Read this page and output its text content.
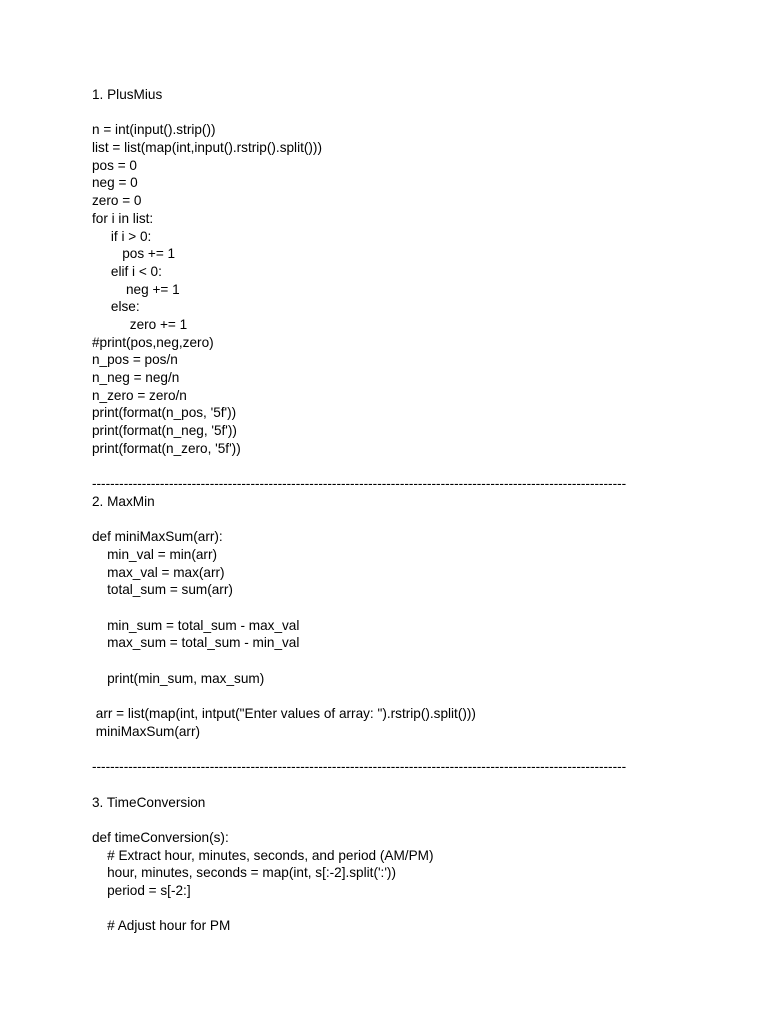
1. PlusMius
n = int(input().strip())
list = list(map(int,input().rstrip().split()))
pos = 0
neg = 0
zero = 0
for i in list:
if i > 0:
pos += 1
elif i < 0:
neg += 1
else:
zero += 1
#print(pos,neg,zero)
n_pos = pos/n
n_neg = neg/n
n_zero = zero/n
print(format(n_pos, '5f'))
print(format(n_neg, '5f'))
print(format(n_zero, '5f'))
----------------------------------------------------------------------------------------------------------------------
2. MaxMin
def miniMaxSum(arr):
min_val = min(arr)
max_val = max(arr)
total_sum = sum(arr)
min_sum = total_sum - max_val
max_sum = total_sum - min_val
print(min_sum, max_sum)
arr = list(map(int, intput("Enter values of array: ").rstrip().split()))
miniMaxSum(arr)
----------------------------------------------------------------------------------------------------------------------
3. TimeConversion
def timeConversion(s):
# Extract hour, minutes, seconds, and period (AM/PM)
hour, minutes, seconds = map(int, s[:-2].split(':'))
period = s[-2:]
# Adjust hour for PM
